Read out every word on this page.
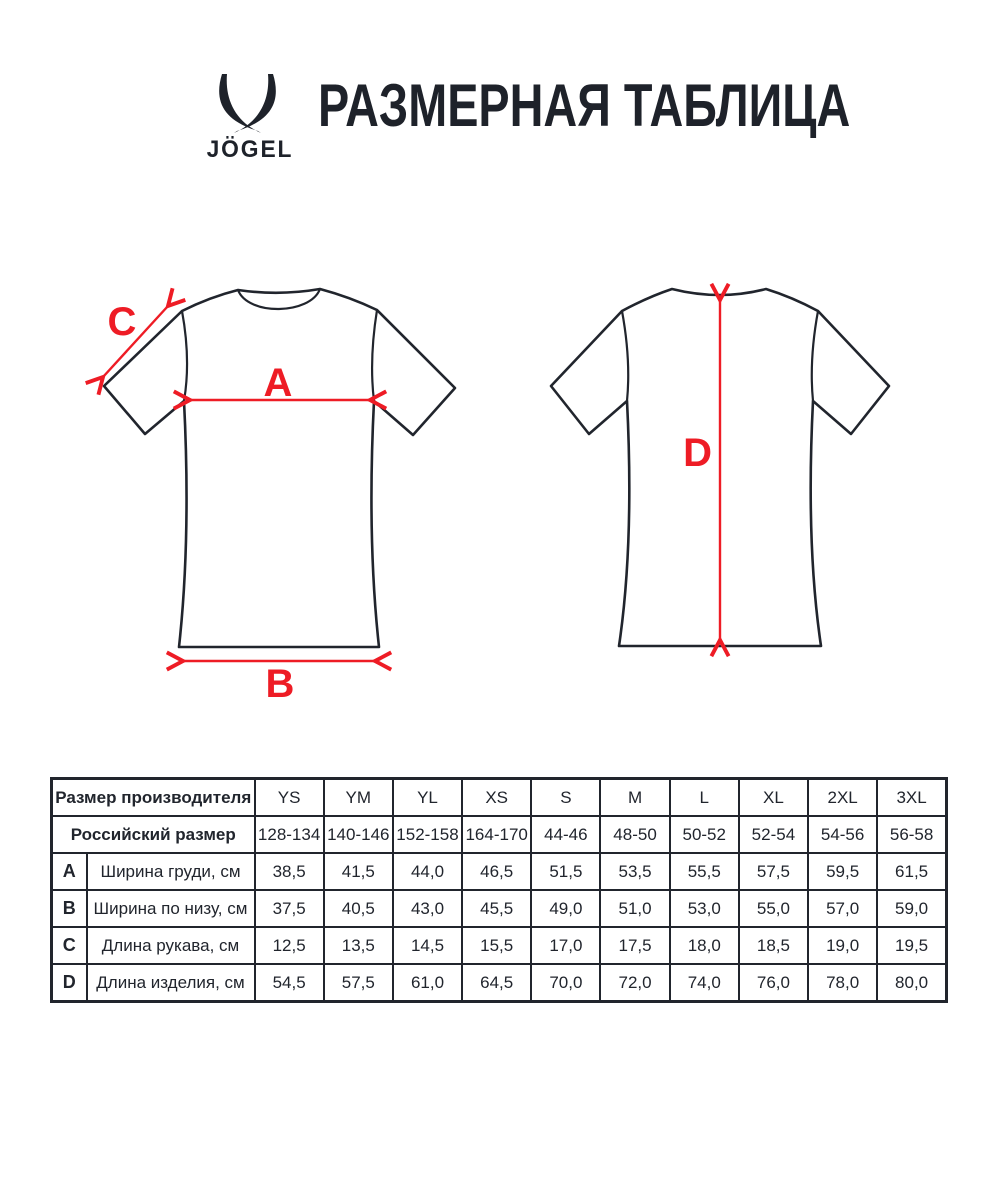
JÖGEL
РАЗМЕРНАЯ ТАБЛИЦА
A
B
C
D
Размер производителя		YS	YM	YL	XS	S	M	L	XL	2XL	3XL
Российский размер		128-134	140-146	152-158	164-170	44-46	48-50	50-52	52-54	54-56	56-58
A	Ширина груди, см	38,5	41,5	44,0	46,5	51,5	53,5	55,5	57,5	59,5	61,5
B	Ширина по низу, см	37,5	40,5	43,0	45,5	49,0	51,0	53,0	55,0	57,0	59,0
C	Длина рукава, см	12,5	13,5	14,5	15,5	17,0	17,5	18,0	18,5	19,0	19,5
D	Длина изделия, см	54,5	57,5	61,0	64,5	70,0	72,0	74,0	76,0	78,0	80,0
